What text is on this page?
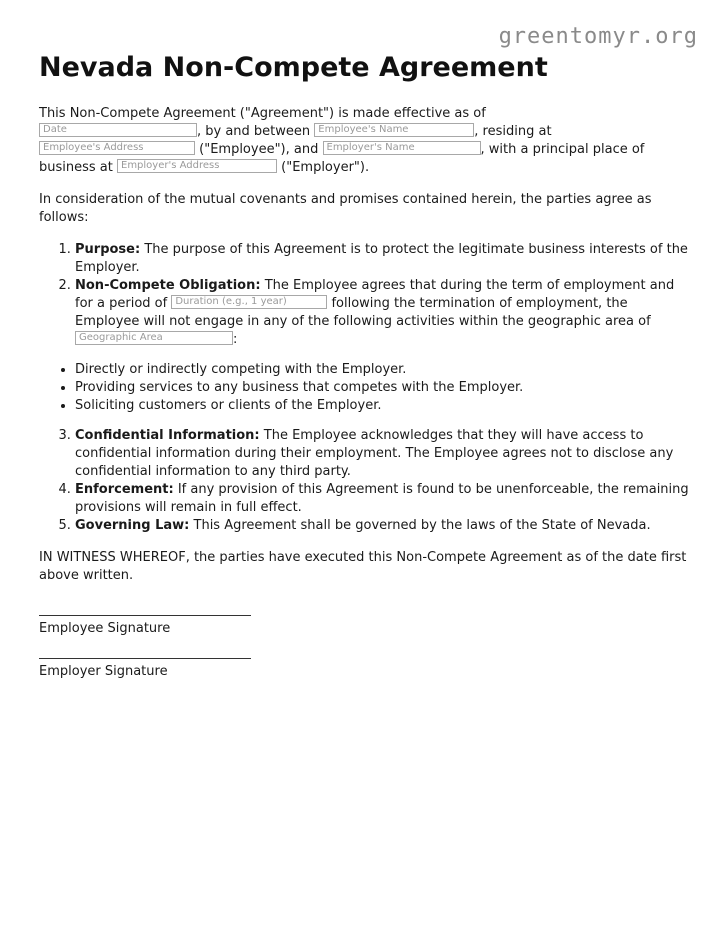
greentomyr.org
Nevada Non-Compete Agreement

This Non-Compete Agreement ("Agreement") is made effective as of
Date	, by and between Employee's Name	, residing at
Employee's Address	("Employee"), and Employer's Name	, with a principal place of business at Employer's Address	("Employer").

In consideration of the mutual covenants and promises contained herein, the parties agree as follows:

1. Purpose: The purpose of this Agreement is to protect the legitimate business interests of the Employer.
2. Non-Compete Obligation: The Employee agrees that during the term of employment and for a period of Duration (e.g., 1 year)	following the termination of employment, the Employee will not engage in any of the following activities within the geographic area of Geographic Area	:
• Directly or indirectly competing with the Employer.
• Providing services to any business that competes with the Employer.
• Soliciting customers or clients of the Employer.
3. Confidential Information: The Employee acknowledges that they will have access to confidential information during their employment. The Employee agrees not to disclose any confidential information to any third party.
4. Enforcement: If any provision of this Agreement is found to be unenforceable, the remaining provisions will remain in full effect.
5. Governing Law: This Agreement shall be governed by the laws of the State of Nevada.

IN WITNESS WHEREOF, the parties have executed this Non-Compete Agreement as of the date first above written.

Employee Signature
Employer Signature
